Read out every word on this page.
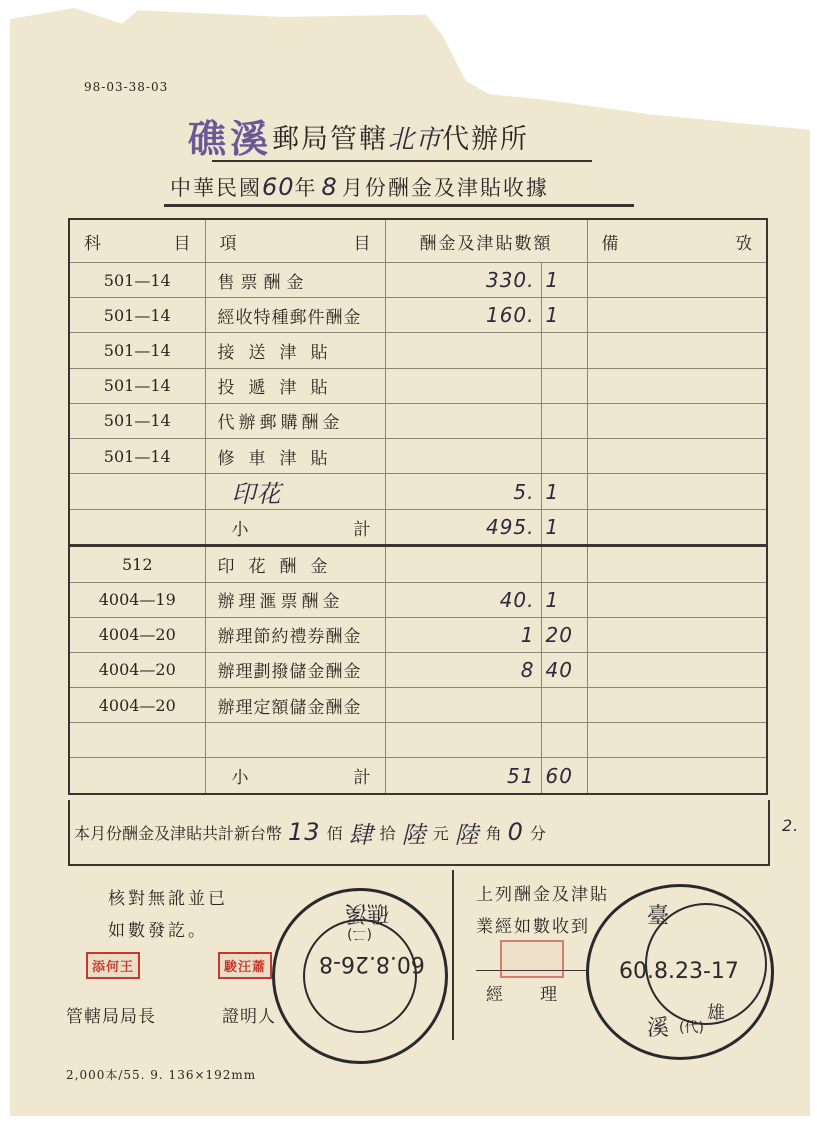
98-03-38-03
礁溪郵局管轄北市代辦所
中華民國60年 8 月份酬金及津貼收據
科 目	項 目	酬金及津貼數額		備 攷

501—14	售票酬金	330.	1	
501—14	經收特種郵件酬金	160.	1	
501—14	接送津貼			
501—14	投遞津貼			
501—14	代辦郵購酬金			
501—14	修車津貼			
	印花	5.	1	

	小 計	495.	1	
512	印花酬金			
4004—19	辦理滙票酬金	40.	1	
4004—20	辦理節約禮券酬金	1	20	
4004—20	辦理劃撥儲金酬金	8	40	
4004—20	辦理定額儲金酬金			

	小 計	51	60	
本月份酬金及津貼共計新台幣 13 佰 肆 拾 陸 元 陸 角 0 分	2.
核對無訛並已
如數發訖。
添何王	駿汪蕭
管轄局局長	證明人
上列酬金及津貼
業經如數收到
經　　理
60.8.26-8
礁溪
(二)
60.8.23-17
臺
溪 (代)
雄
2,000本/55. 9. 136×192mm
